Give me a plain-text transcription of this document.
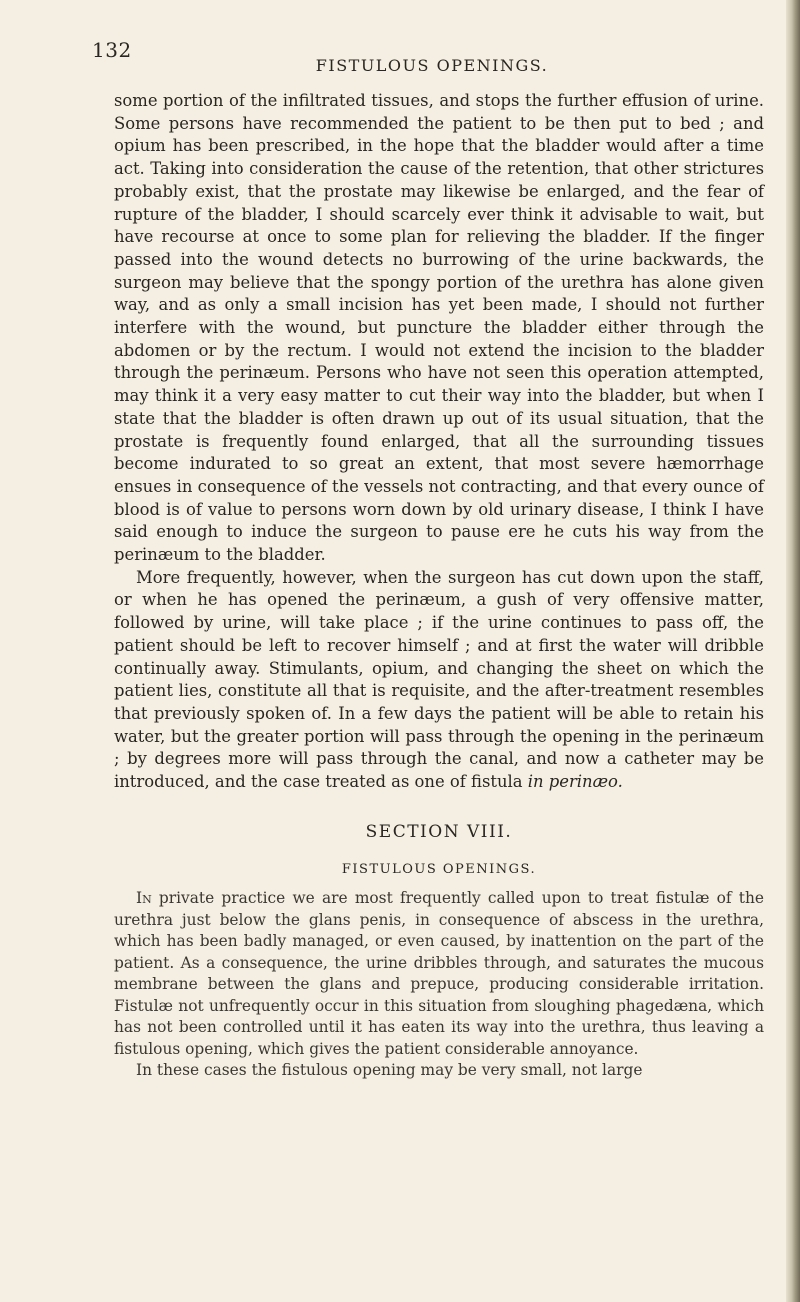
132
FISTULOUS OPENINGS.

some portion of the infiltrated tissues, and stops the further effusion of urine. Some persons have recommended the patient to be then put to bed ; and opium has been prescribed, in the hope that the bladder would after a time act. Taking into consideration the cause of the retention, that other strictures probably exist, that the prostate may likewise be enlarged, and the fear of rupture of the bladder, I should scarcely ever think it advisable to wait, but have recourse at once to some plan for relieving the bladder. If the finger passed into the wound detects no burrowing of the urine backwards, the surgeon may believe that the spongy portion of the urethra has alone given way, and as only a small incision has yet been made, I should not further interfere with the wound, but puncture the bladder either through the abdomen or by the rectum. I would not extend the incision to the bladder through the perinæum. Persons who have not seen this operation attempted, may think it a very easy matter to cut their way into the bladder, but when I state that the bladder is often drawn up out of its usual situation, that the prostate is frequently found enlarged, that all the surrounding tissues become indurated to so great an extent, that most severe hæmorrhage ensues in consequence of the vessels not contracting, and that every ounce of blood is of value to persons worn down by old urinary disease, I think I have said enough to induce the surgeon to pause ere he cuts his way from the perinæum to the bladder.

More frequently, however, when the surgeon has cut down upon the staff, or when he has opened the perinæum, a gush of very offensive matter, followed by urine, will take place ; if the urine continues to pass off, the patient should be left to recover himself ; and at first the water will dribble continually away. Stimulants, opium, and changing the sheet on which the patient lies, constitute all that is requisite, and the after-treatment resembles that previously spoken of. In a few days the patient will be able to retain his water, but the greater portion will pass through the opening in the perinæum ; by degrees more will pass through the canal, and now a catheter may be introduced, and the case treated as one of fistula in perinæo.

SECTION VIII.
FISTULOUS OPENINGS.

In private practice we are most frequently called upon to treat fistulæ of the urethra just below the glans penis, in consequence of abscess in the urethra, which has been badly managed, or even caused, by inattention on the part of the patient. As a consequence, the urine dribbles through, and saturates the mucous membrane between the glans and prepuce, producing considerable irritation. Fistulæ not unfrequently occur in this situation from sloughing phagedæna, which has not been controlled until it has eaten its way into the urethra, thus leaving a fistulous opening, which gives the patient considerable annoyance.

In these cases the fistulous opening may be very small, not large
